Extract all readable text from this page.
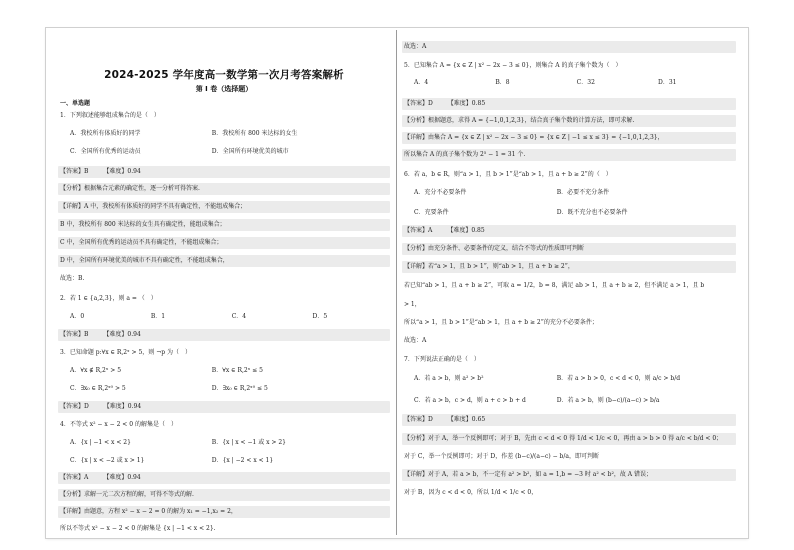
2024-2025 学年度高一数学第一次月考答案解析
第 I 卷（选择题）
一、单选题
1．下列叙述能够组成集合的是（　）
A．我校所有体质好的同学	B．我校所有 800 米达标的女生
C．全国所有优秀的运动员	D．全国所有环境优美的城市
【答案】B　　　【难度】0.94
【分析】根据集合元素的确定性，逐一分析可得答案.
【详解】A 中，我校所有体质好的同学不具有确定性，不能组成集合；
B 中，我校所有 800 米达标的女生具有确定性，能组成集合；
C 中，全国所有优秀的运动员不具有确定性，不能组成集合；
D 中，全国所有环境优美的城市不具有确定性，不能组成集合，
故选：B.
2．若 1 ∈ {a,2,3}，则 a = （　）
A．0	B．1	C．4	D．5
【答案】B　　　【难度】0.94
3．已知命题 p:∀x ∈ R,2ˣ > 5，则 ¬p 为（　）
A．∀x ∉ R,2ˣ > 5	B．∀x ∈ R,2ˣ ≤ 5
C．∃x₀ ∈ R,2ˣ⁰ > 5	D．∃x₀ ∈ R,2ˣ⁰ ≤ 5
【答案】D　　　【难度】0.94
4．不等式 x² − x − 2 < 0 的解集是（　）
A．{x | −1 < x < 2}	B．{x | x < −1 或 x > 2}
C．{x | x < −2 或 x > 1}	D．{x | −2 < x < 1}
【答案】A　　　【难度】0.94
【分析】求解一元二次方程的解，可得不等式的解.
【详解】由题意，方程 x² − x − 2 = 0 的解为 x₁ = −1,x₂ = 2，
所以不等式 x² − x − 2 < 0 的解集是 {x | −1 < x < 2}.
故选：A
5．已知集合 A = {x ∈ Z | x² − 2x − 3 ≤ 0}，则集合 A 的真子集个数为（　）
A．4	B．8	C．32	D．31
【答案】D　　　【难度】0.85
【分析】根据题意，求得 A = {−1,0,1,2,3}，结合真子集个数的计算方法，即可求解.
【详解】由集合 A = {x ∈ Z | x² − 2x − 3 ≤ 0} = {x ∈ Z | −1 ≤ x ≤ 3} = {−1,0,1,2,3}，
所以集合 A 的真子集个数为 2⁵ − 1 = 31 个.
6．若 a，b ∈ R，则“a > 1，且 b > 1”是“ab > 1，且 a + b ≥ 2”的（　）
A．充分不必要条件	B．必要不充分条件
C．充要条件	D．既不充分也不必要条件
【答案】A　　　【难度】0.85
【分析】由充分条件、必要条件的定义，结合不等式的性质即可判断
【详解】若“a > 1，且 b > 1”，则“ab > 1，且 a + b ≥ 2”，
若已知“ab > 1，且 a + b ≥ 2”，可取 a = 1/2，b = 8，满足 ab > 1，且 a + b ≥ 2，但不满足 a > 1，且 b
> 1，
所以“a > 1，且 b > 1”是“ab > 1，且 a + b ≥ 2”的充分不必要条件；
故选：A
7．下列说法正确的是（　）
A．若 a > b，则 a² > b²	B．若 a > b > 0，c < d < 0，则 a/c > b/d
C．若 a > b，c > d，则 a + c > b + d	D．若 a > b，则 (b−c)/(a−c) > b/a
【答案】D　　　【难度】0.65
【分析】对于 A，举一个反例即可；对于 B，先由 c < d < 0 得 1/d < 1/c < 0，再由 a > b > 0 得 a/c < b/d < 0；
对于 C，举一个反例即可；对于 D，作差 (b−c)/(a−c) − b/a，即可判断
【详解】对于 A，若 a > b，不一定有 a² > b²，如 a = 1,b = −3 时 a² < b²，故 A 错误；
对于 B，因为 c < d < 0，所以 1/d < 1/c < 0，
